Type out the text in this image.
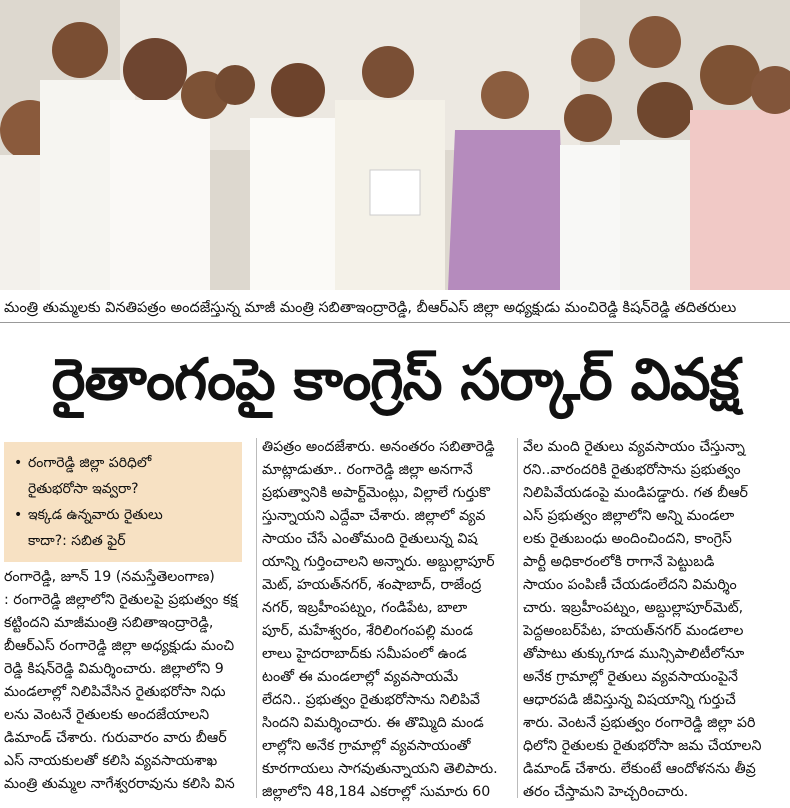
మంత్రి తుమ్మలకు వినతిపత్రం అందజేస్తున్న మాజీ మంత్రి సబితాఇంద్రారెడ్డి, బీఆర్ఎస్ జిల్లా అధ్యక్షుడు మంచిరెడ్డి కిషన్‌రెడ్డి తదితరులు
రైతాంగంపై కాంగ్రెస్ సర్కార్ వివక్ష
• రంగారెడ్డి జిల్లా పరిధిలో
రైతుభరోసా ఇవ్వరా?
• ఇక్కడ ఉన్నవారు రైతులు
కాదా?: సబిత ఫైర్
రంగారెడ్డి, జూన్ 19 (నమస్తేతెలంగాణ)
: రంగారెడ్డి జిల్లాలోని రైతులపై ప్రభుత్వం కక్ష
కట్టిందని మాజీమంత్రి సబితాఇంద్రారెడ్డి,
బీఆర్ఎస్ రంగారెడ్డి జిల్లా అధ్యక్షుడు మంచి
రెడ్డి కిషన్‌రెడ్డి విమర్శించారు. జిల్లాలోని 9
మండలాల్లో నిలిపివేసిన రైతుభరోసా నిధు
లను వెంటనే రైతులకు అందజేయాలని
డిమాండ్ చేశారు. గురువారం వారు బీఆర్
ఎస్ నాయకులతో కలిసి వ్యవసాయశాఖ
మంత్రి తుమ్మల నాగేశ్వరరావును కలిసి విన
తిపత్రం అందజేశారు. అనంతరం సబితారెడ్డి
మాట్లాడుతూ.. రంగారెడ్డి జిల్లా అనగానే
ప్రభుత్వానికి అపార్ట్‌మెంట్లు, విల్లాలే గుర్తుకొ
స్తున్నాయని ఎద్దేవా చేశారు. జిల్లాలో వ్యవ
సాయం చేసే ఎంతోమంది రైతులున్న విష
యాన్ని గుర్తించాలని అన్నారు. అబ్దుల్లాపూర్
మెట్, హయత్‌నగర్, శంషాబాద్, రాజేంద్ర
నగర్, ఇబ్రహీంపట్నం, గండిపేట, బాలా
పూర్, మహేశ్వరం, శేరిలింగంపల్లి మండ
లాలు హైదరాబాద్‌కు సమీపంలో ఉండ
టంతో ఈ మండలాల్లో వ్యవసాయమే
లేదని.. ప్రభుత్వం రైతుభరోసాను నిలిపివే
సిందని విమర్శించారు. ఈ తొమ్మిది మండ
లాల్లోని అనేక గ్రామాల్లో వ్యవసాయంతో
కూరగాయలు సాగవుతున్నాయని తెలిపారు.
జిల్లాలోని 48,184 ఎకరాల్లో సుమారు 60
వేల మంది రైతులు వ్యవసాయం చేస్తున్నా
రని..వారందరికి రైతుభరోసాను ప్రభుత్వం
నిలిపివేయడంపై మండిపడ్డారు. గత బీఆర్
ఎస్ ప్రభుత్వం జిల్లాలోని అన్ని మండలా
లకు రైతుబంధు అందించిందని, కాంగ్రెస్
పార్టీ అధికారంలోకి రాగానే పెట్టుబడి
సాయం పంపిణీ చేయడంలేదని విమర్శిం
చారు. ఇబ్రహీంపట్నం, అబ్దుల్లాపూర్‌మెట్,
పెద్దఅంబర్‌పేట, హయత్‌నగర్ మండలాల
తోపాటు తుక్కుగూడ మున్సిపాలిటీలోనూ
అనేక గ్రామాల్లో రైతులు వ్యవసాయంపైనే
ఆధారపడి జీవిస్తున్న విషయాన్ని గుర్తుచే
శారు. వెంటనే ప్రభుత్వం రంగారెడ్డి జిల్లా పరి
ధిలోని రైతులకు రైతుభరోసా జమ చేయాలని
డిమాండ్ చేశారు. లేకుంటే ఆందోళనను తీవ్ర
తరం చేస్తామని హెచ్చరించారు.
